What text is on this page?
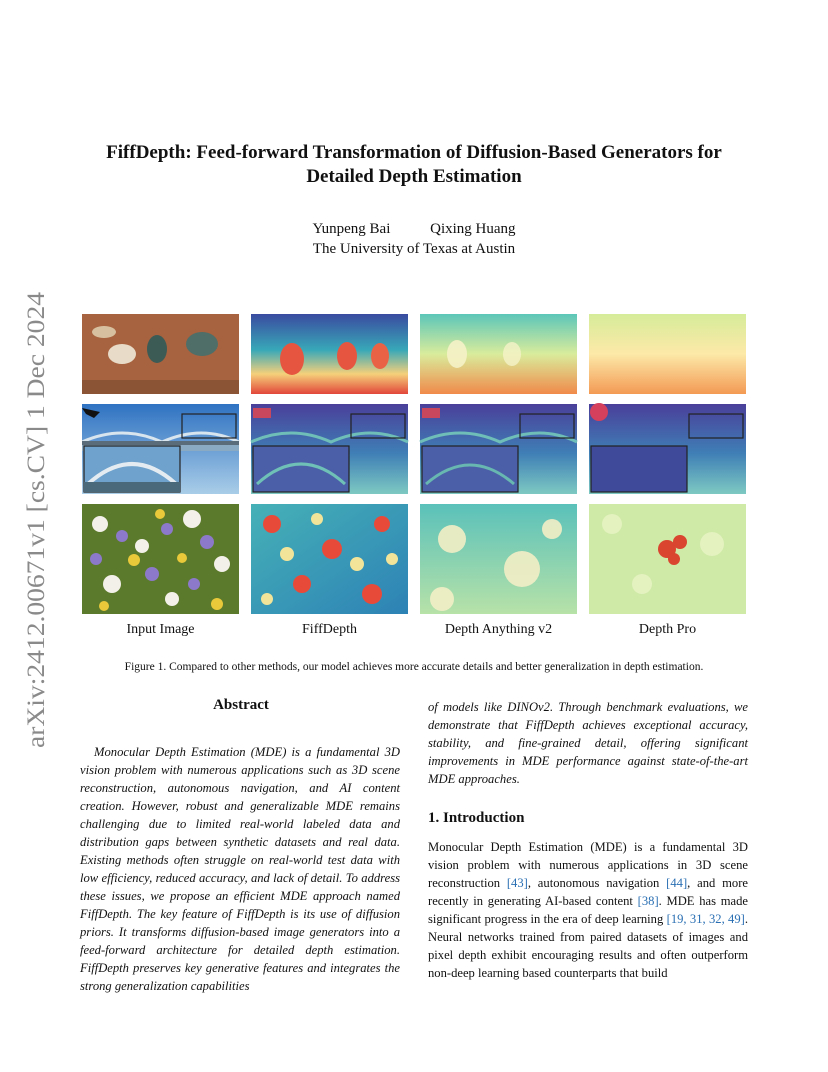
arXiv:2412.00671v1 [cs.CV] 1 Dec 2024
FiffDepth: Feed-forward Transformation of Diffusion-Based Generators for
Detailed Depth Estimation
Yunpeng Bai	Qixing Huang
The University of Texas at Austin
Input Image	FiffDepth	Depth Anything v2	Depth Pro
Figure 1. Compared to other methods, our model achieves more accurate details and better generalization in depth estimation.
Abstract

Monocular Depth Estimation (MDE) is a fundamental 3D vision problem with numerous applications such as 3D scene reconstruction, autonomous navigation, and AI content creation. However, robust and generalizable MDE remains challenging due to limited real-world labeled data and distribution gaps between synthetic datasets and real data. Existing methods often struggle on real-world test data with low efficiency, reduced accuracy, and lack of detail. To address these issues, we propose an efficient MDE approach named FiffDepth. The key feature of FiffDepth is its use of diffusion priors. It transforms diffusion-based image generators into a feed-forward architecture for detailed depth estimation. FiffDepth preserves key generative features and integrates the strong generalization capabilities

of models like DINOv2. Through benchmark evaluations, we demonstrate that FiffDepth achieves exceptional accuracy, stability, and fine-grained detail, offering significant improvements in MDE performance against state-of-the-art MDE approaches.

1. Introduction

Monocular Depth Estimation (MDE) is a fundamental 3D vision problem with numerous applications in 3D scene reconstruction [43], autonomous navigation [44], and more recently in generating AI-based content [38]. MDE has made significant progress in the era of deep learning [19, 31, 32, 49]. Neural networks trained from paired datasets of images and pixel depth exhibit encouraging results and often outperform non-deep learning based counterparts that build
